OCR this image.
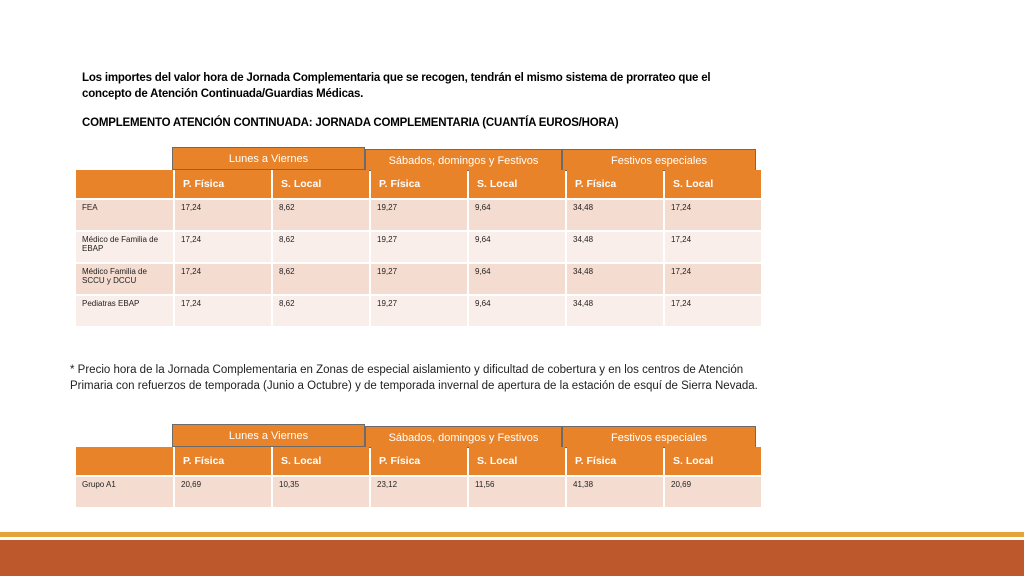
Los importes del valor hora de Jornada Complementaria que se recogen, tendrán el mismo sistema de prorrateo que el concepto de Atención Continuada/Guardias Médicas.
COMPLEMENTO ATENCIÓN CONTINUADA: JORNADA COMPLEMENTARIA (CUANTÍA EUROS/HORA)
Lunes a Viernes	Sábados, domingos y Festivos	Festivos especiales
	P. Física	S. Local	P. Física	S. Local	P. Física	S. Local
FEA	17,24	8,62	19,27	9,64	34,48	17,24
Médico de Familia de EBAP	17,24	8,62	19,27	9,64	34,48	17,24
Médico Familia de SCCU y DCCU	17,24	8,62	19,27	9,64	34,48	17,24
Pediatras EBAP	17,24	8,62	19,27	9,64	34,48	17,24
* Precio hora de la Jornada Complementaria en Zonas de especial aislamiento y dificultad de cobertura y en los centros de Atención Primaria con refuerzos de temporada (Junio a Octubre) y de temporada invernal de apertura de la estación de esquí de Sierra Nevada.
Lunes a Viernes	Sábados, domingos y Festivos	Festivos especiales
	P. Física	S. Local	P. Física	S. Local	P. Física	S. Local
Grupo A1	20,69	10,35	23,12	11,56	41,38	20,69
